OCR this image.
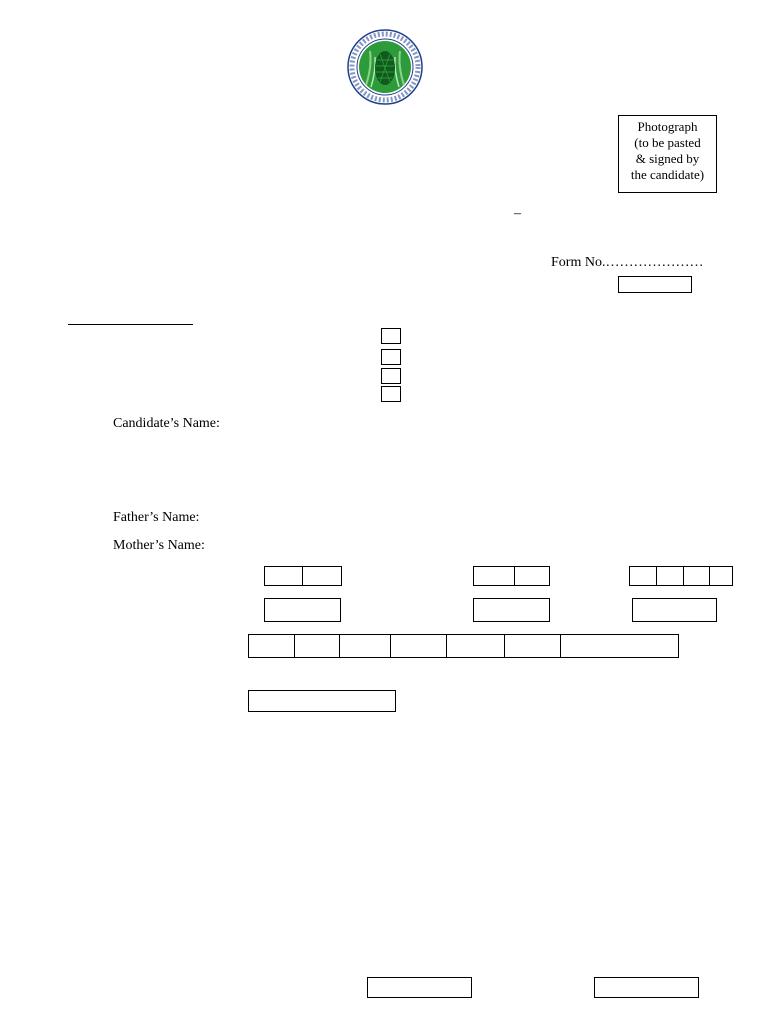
Photograph
(to be pasted
& signed by
the candidate)
–
Form No.…………………
Candidate’s Name:
Father’s Name:
Mother’s Name:
